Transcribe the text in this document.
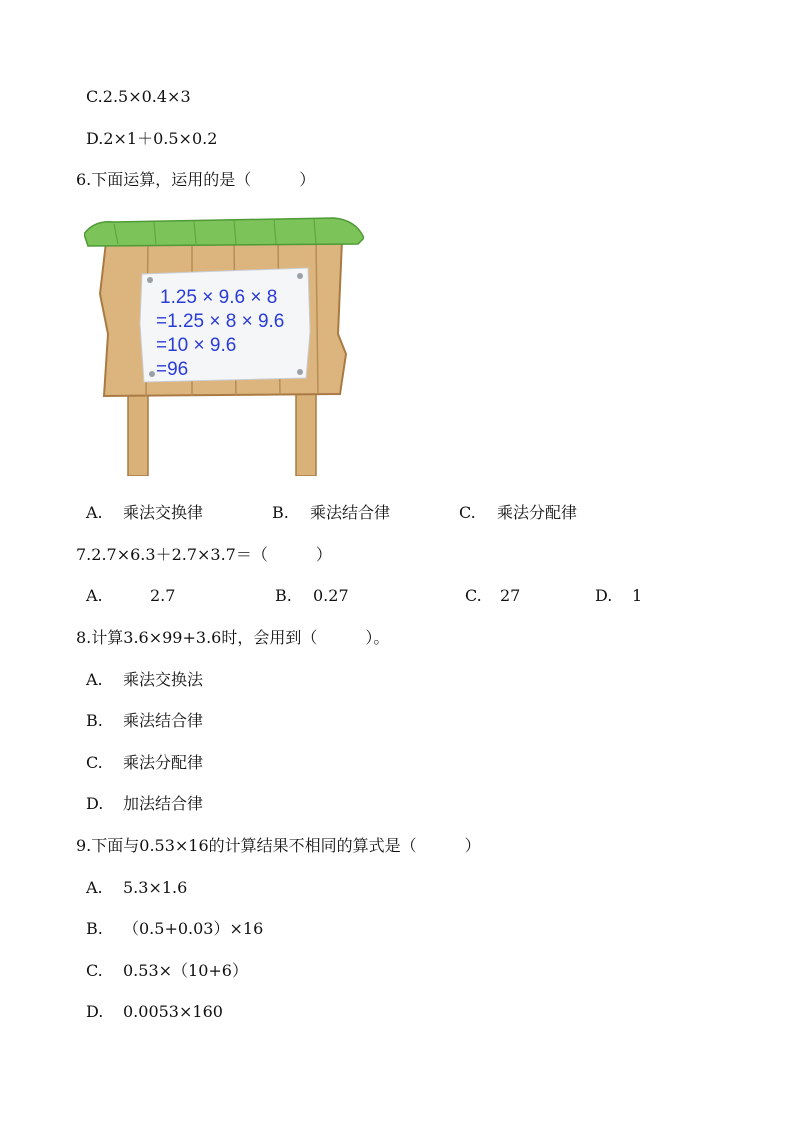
C.2.5×0.4×3
D.2×1＋0.5×0.2
6.下面运算，运用的是（　　　）
1.25 × 9.6 × 8
=1.25 × 8 × 9.6
=10 × 9.6
=96
A. 乘法交换律	B. 乘法结合律	C. 乘法分配律
7.2.7×6.3＋2.7×3.7＝（　　　）
A.	2.7	B. 0.27	C. 27	D. 1
8.计算3.6×99+3.6时，会用到（　　　）。
A. 乘法交换法
B. 乘法结合律
C. 乘法分配律
D. 加法结合律
9.下面与0.53×16的计算结果不相同的算式是（　　　）
A. 5.3×1.6
B. （0.5+0.03）×16
C. 0.53×（10+6）
D. 0.0053×160
